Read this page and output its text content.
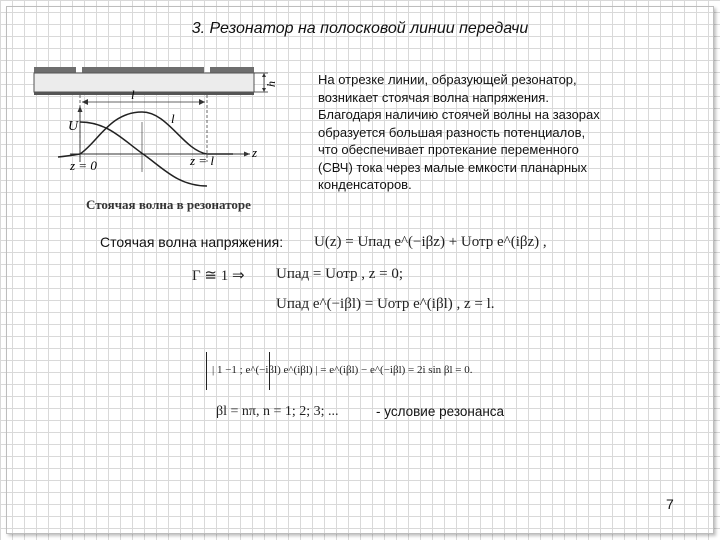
3. Резонатор на полосковой линии передачи
h
l
U
z
l
z = 0	z = l
Стоячая волна в резонаторе
На отрезке линии, образующей резонатор,
возникает стоячая волна напряжения.
Благодаря наличию стоячей волны на зазорах
образуется большая разность потенциалов,
что обеспечивает протекание переменного
(СВЧ) тока через малые емкости планарных
конденсаторов.
Стоячая волна напряжения: U(z) = Uпад e^(−iβz) + Uотр e^(iβz) ,
Г ≅ 1 ⇒ Uпад = Uотр , z = 0;
Uпад e^(−iβl) = Uотр e^(iβl) , z = l.
| 1 −1 ; e^(−iβl) e^(iβl) | = e^(iβl) − e^(−iβl) = 2i sin βl = 0.
βl = nπ, n = 1; 2; 3; ...	- условие резонанса
7
